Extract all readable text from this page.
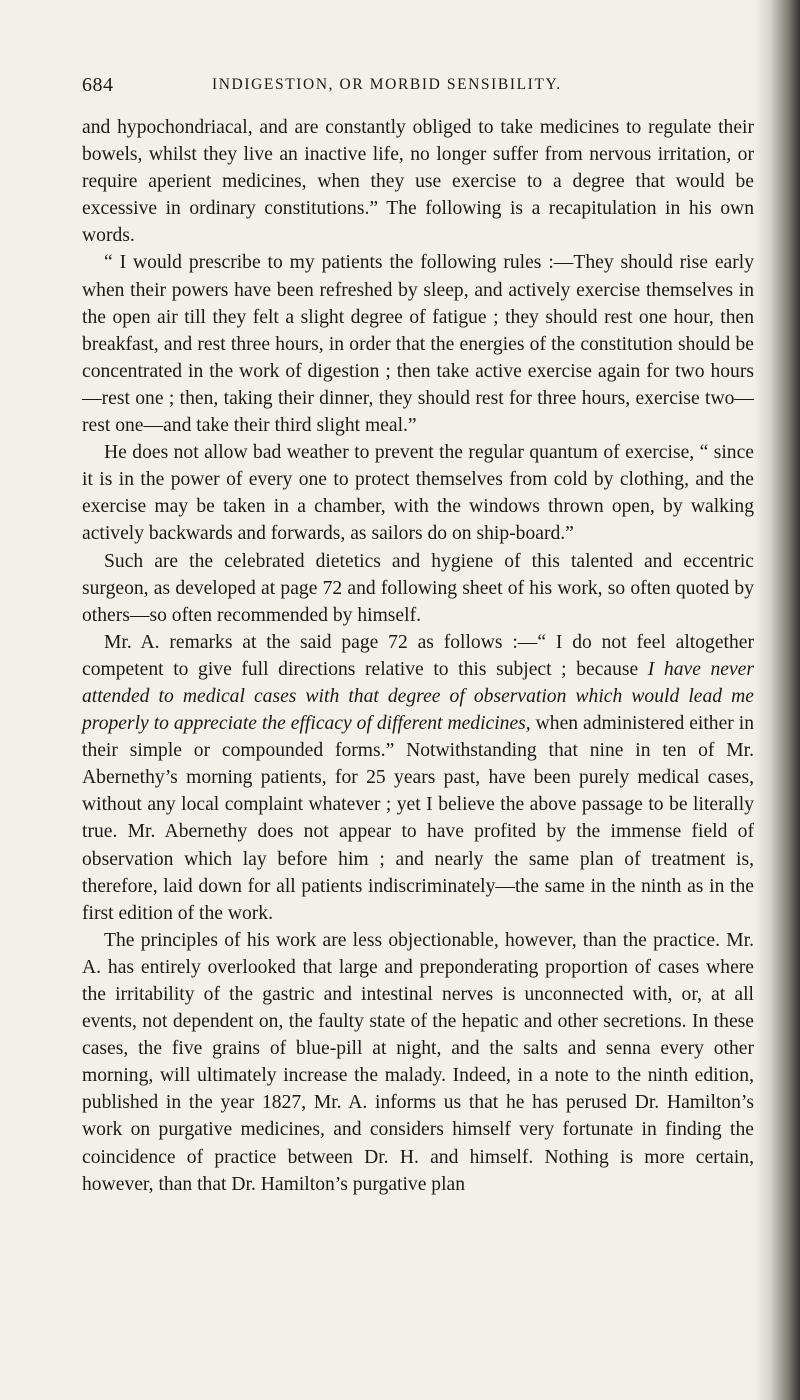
684	INDIGESTION, OR MORBID SENSIBILITY.

and hypochondriacal, and are constantly obliged to take medicines to regulate their bowels, whilst they live an inactive life, no longer suffer from nervous irritation, or require aperient medicines, when they use exercise to a degree that would be excessive in ordinary constitutions.” The following is a recapitulation in his own words.

“ I would prescribe to my patients the following rules :—They should rise early when their powers have been refreshed by sleep, and actively exercise themselves in the open air till they felt a slight degree of fatigue ; they should rest one hour, then breakfast, and rest three hours, in order that the energies of the constitution should be concentrated in the work of digestion ; then take active exercise again for two hours—rest one ; then, taking their dinner, they should rest for three hours, exercise two—rest one—and take their third slight meal.”

He does not allow bad weather to prevent the regular quantum of exercise, “ since it is in the power of every one to protect themselves from cold by clothing, and the exercise may be taken in a chamber, with the windows thrown open, by walking actively backwards and forwards, as sailors do on ship-board.”

Such are the celebrated dietetics and hygiene of this talented and eccentric surgeon, as developed at page 72 and following sheet of his work, so often quoted by others—so often recommended by himself.

Mr. A. remarks at the said page 72 as follows :—“ I do not feel altogether competent to give full directions relative to this subject ; because I have never attended to medical cases with that degree of observation which would lead me properly to appreciate the efficacy of different medicines, when administered either in their simple or compounded forms.” Notwithstanding that nine in ten of Mr. Abernethy’s morning patients, for 25 years past, have been purely medical cases, without any local complaint whatever ; yet I believe the above passage to be literally true. Mr. Abernethy does not appear to have profited by the immense field of observation which lay before him ; and nearly the same plan of treatment is, therefore, laid down for all patients indiscriminately—the same in the ninth as in the first edition of the work.

The principles of his work are less objectionable, however, than the practice. Mr. A. has entirely overlooked that large and preponderating proportion of cases where the irritability of the gastric and intestinal nerves is unconnected with, or, at all events, not dependent on, the faulty state of the hepatic and other secretions. In these cases, the five grains of blue-pill at night, and the salts and senna every other morning, will ultimately increase the malady. Indeed, in a note to the ninth edition, published in the year 1827, Mr. A. informs us that he has perused Dr. Hamilton’s work on purgative medicines, and considers himself very fortunate in finding the coincidence of practice between Dr. H. and himself. Nothing is more certain, however, than that Dr. Hamilton’s purgative plan
